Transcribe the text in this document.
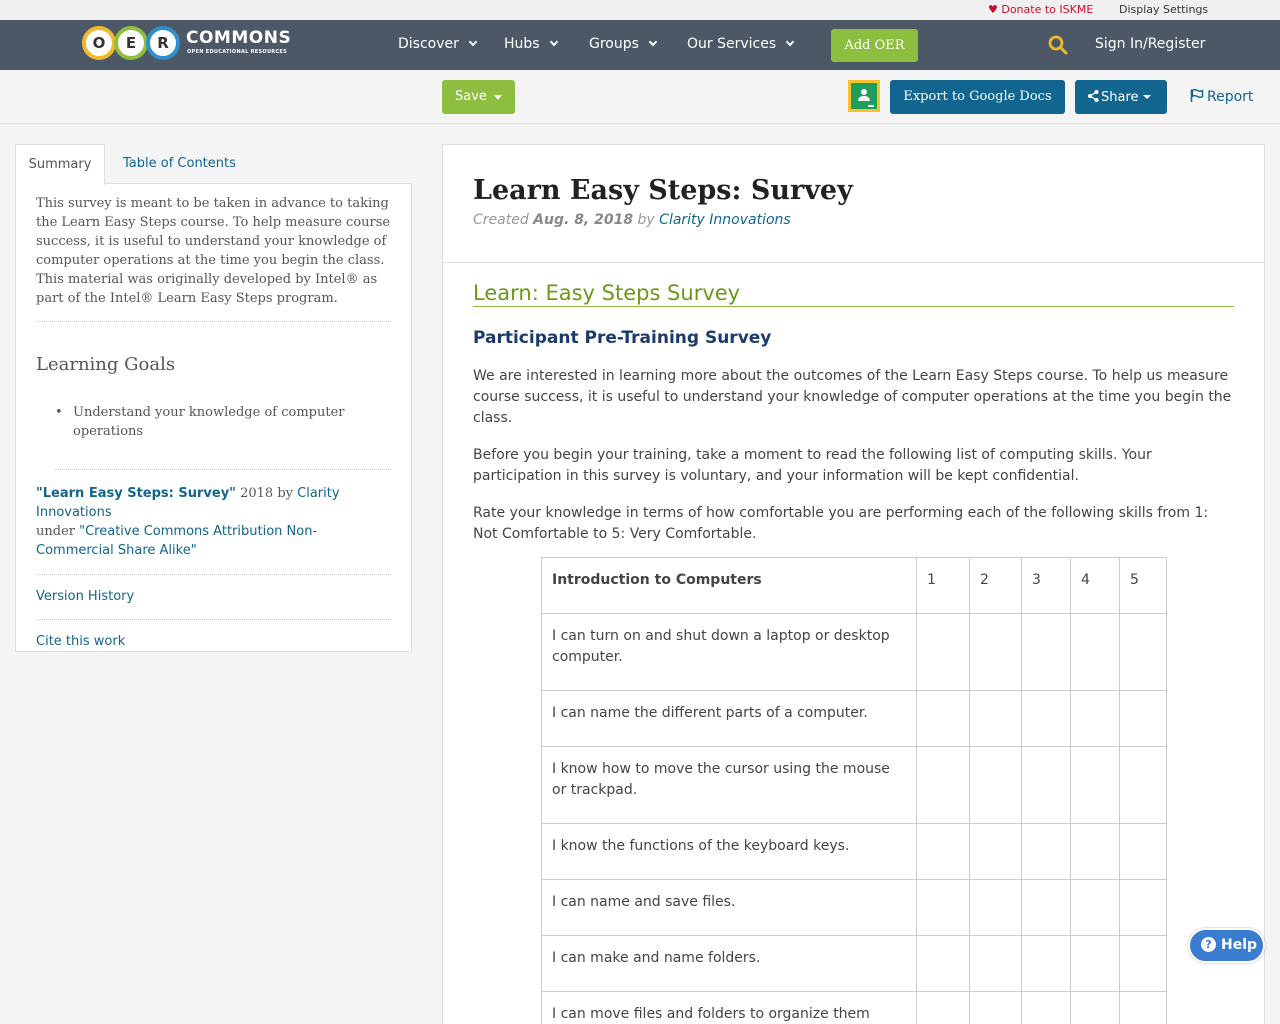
♥ Donate to ISKME Display Settings
O	E	R	COMMONS
OPEN EDUCATIONAL RESOURCES	Discover	Hubs	Groups	Our Services	Add OER	Sign In/Register
Save	Export to Google Docs	Share	Report
Summary	Table of Contents
This survey is meant to be taken in advance to taking the Learn Easy Steps course. To help measure course success, it is useful to understand your knowledge of computer operations at the time you begin the class. This material was originally developed by Intel® as part of the Intel® Learn Easy Steps program.
Learning Goals
• Understand your knowledge of computer operations
"Learn Easy Steps: Survey" 2018 by Clarity Innovations
under "Creative Commons Attribution Non-Commercial Share Alike"
Version History
Cite this work
Learn Easy Steps: Survey
Created Aug. 8, 2018 by Clarity Innovations
Learn: Easy Steps Survey
Participant Pre-Training Survey
We are interested in learning more about the outcomes of the Learn Easy Steps course. To help us measure course success, it is useful to understand your knowledge of computer operations at the time you begin the class.
Before you begin your training, take a moment to read the following list of computing skills. Your participation in this survey is voluntary, and your information will be kept confidential.
Rate your knowledge in terms of how comfortable you are performing each of the following skills from 1: Not Comfortable to 5: Very Comfortable.
Introduction to Computers	1	2	3	4	5
I can turn on and shut down a laptop or desktop computer.					
I can name the different parts of a computer.					
I know how to move the cursor using the mouse or trackpad.					
I know the functions of the keyboard keys.					
I can name and save files.					
I can make and name folders.					
I can move files and folders to organize them					
? Help
